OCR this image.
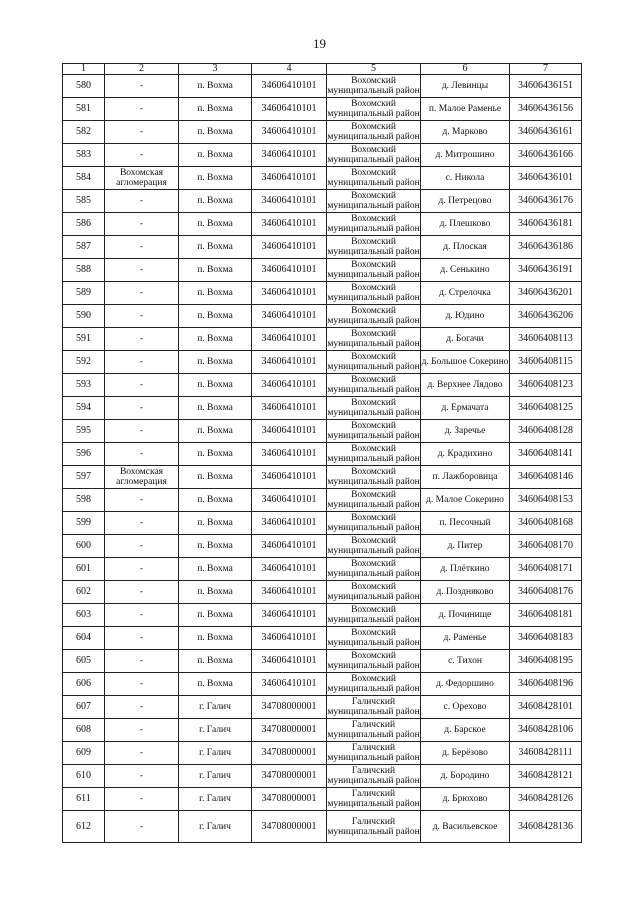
19
1	2	3	4	5	6	7
580	-	п. Вохма	34606410101	Вохомский муниципальный район	д. Левинцы	34606436151
581	-	п. Вохма	34606410101	Вохомский муниципальный район	п. Малое Раменье	34606436156
582	-	п. Вохма	34606410101	Вохомский муниципальный район	д. Марково	34606436161
583	-	п. Вохма	34606410101	Вохомский муниципальный район	д. Митрошино	34606436166
584	Вохомская агломерация	п. Вохма	34606410101	Вохомский муниципальный район	с. Никола	34606436101
585	-	п. Вохма	34606410101	Вохомский муниципальный район	д. Петрецово	34606436176
586	-	п. Вохма	34606410101	Вохомский муниципальный район	д. Плешково	34606436181
587	-	п. Вохма	34606410101	Вохомский муниципальный район	д. Плоская	34606436186
588	-	п. Вохма	34606410101	Вохомский муниципальный район	д. Сенькино	34606436191
589	-	п. Вохма	34606410101	Вохомский муниципальный район	д. Стрелочка	34606436201
590	-	п. Вохма	34606410101	Вохомский муниципальный район	д. Юдино	34606436206
591	-	п. Вохма	34606410101	Вохомский муниципальный район	д. Богачи	34606408113
592	-	п. Вохма	34606410101	Вохомский муниципальный район	д. Большое Сокерино	34606408115
593	-	п. Вохма	34606410101	Вохомский муниципальный район	д. Верхнее Лядово	34606408123
594	-	п. Вохма	34606410101	Вохомский муниципальный район	д. Ермачата	34606408125
595	-	п. Вохма	34606410101	Вохомский муниципальный район	д. Заречье	34606408128
596	-	п. Вохма	34606410101	Вохомский муниципальный район	д. Крадихино	34606408141
597	Вохомская агломерация	п. Вохма	34606410101	Вохомский муниципальный район	п. Лажборовица	34606408146
598	-	п. Вохма	34606410101	Вохомский муниципальный район	д. Малое Сокерино	34606408153
599	-	п. Вохма	34606410101	Вохомский муниципальный район	п. Песочный	34606408168
600	-	п. Вохма	34606410101	Вохомский муниципальный район	д. Питер	34606408170
601	-	п. Вохма	34606410101	Вохомский муниципальный район	д. Плёткино	34606408171
602	-	п. Вохма	34606410101	Вохомский муниципальный район	д. Поздняково	34606408176
603	-	п. Вохма	34606410101	Вохомский муниципальный район	д. Починище	34606408181
604	-	п. Вохма	34606410101	Вохомский муниципальный район	д. Раменье	34606408183
605	-	п. Вохма	34606410101	Вохомский муниципальный район	с. Тихон	34606408195
606	-	п. Вохма	34606410101	Вохомский муниципальный район	д. Федоршино	34606408196
607	-	г. Галич	34708000001	Галичский муниципальный район	с. Орехово	34608428101
608	-	г. Галич	34708000001	Галичский муниципальный район	д. Барское	34608428106
609	-	г. Галич	34708000001	Галичский муниципальный район	д. Берёзово	34608428111
610	-	г. Галич	34708000001	Галичский муниципальный район	д. Бородино	34608428121
611	-	г. Галич	34708000001	Галичский муниципальный район	д. Брюхово	34608428126
612	-	г. Галич	34708000001	Галичский муниципальный район	д. Васильевское	34608428136
